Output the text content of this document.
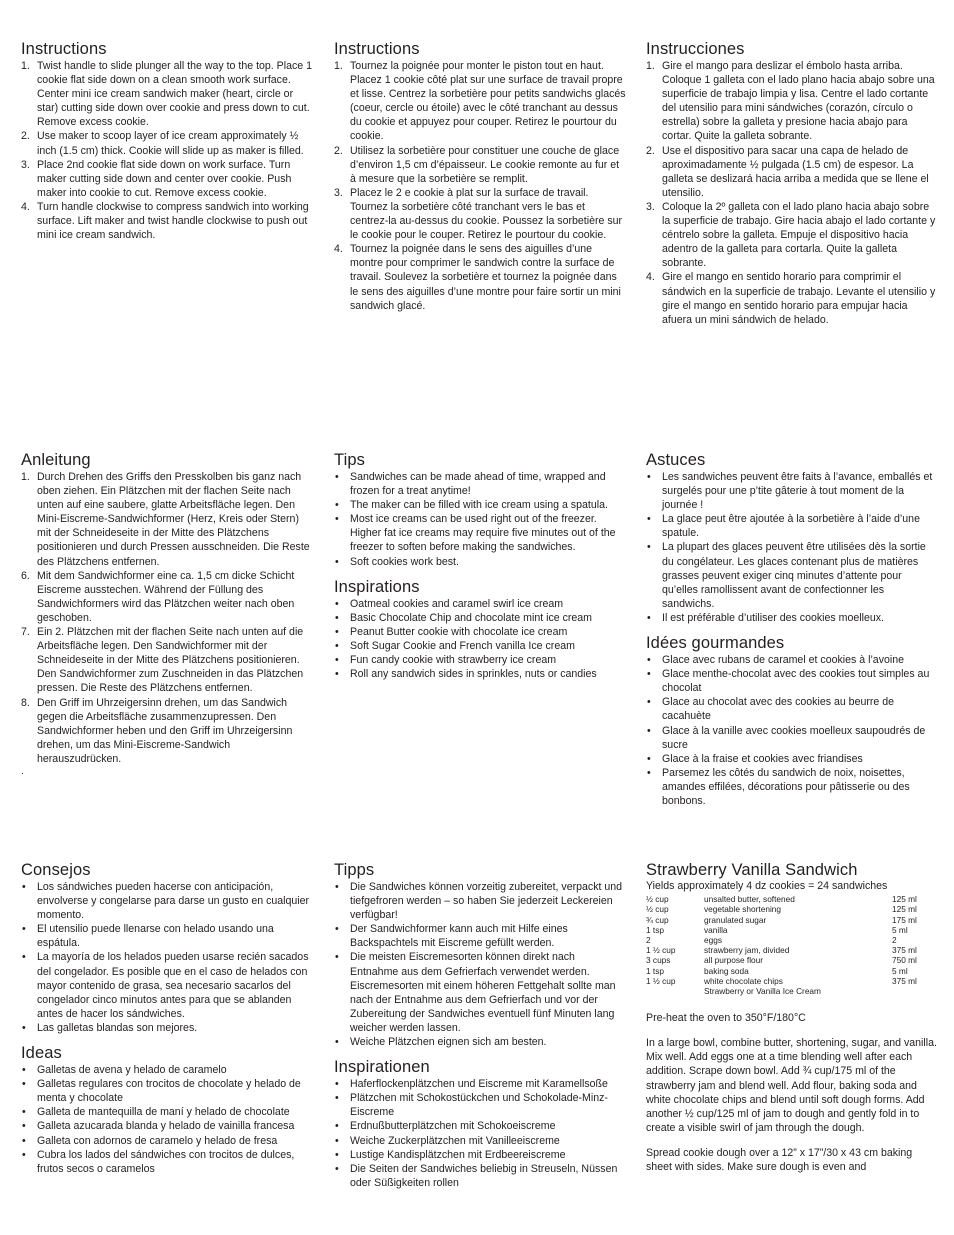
Instructions
1. Twist handle to slide plunger all the way to the top. Place 1 cookie flat side down on a clean smooth work surface. Center mini ice cream sandwich maker (heart, circle or star) cutting side down over cookie and press down to cut. Remove excess cookie.
2. Use maker to scoop layer of ice cream approximately ½ inch (1.5 cm) thick. Cookie will slide up as maker is filled.
3. Place 2nd cookie flat side down on work surface. Turn maker cutting side down and center over cookie. Push maker into cookie to cut. Remove excess cookie.
4. Turn handle clockwise to compress sandwich into working surface. Lift maker and twist handle clockwise to push out mini ice cream sandwich.
Instructions
1. Tournez la poignée pour monter le piston tout en haut. Placez 1 cookie côté plat sur une surface de travail propre et lisse. Centrez la sorbetière pour petits sandwichs glacés (coeur, cercle ou étoile) avec le côté tranchant au dessus du cookie et appuyez pour couper. Retirez le pourtour du cookie.
2. Utilisez la sorbetière pour constituer une couche de glace d’environ 1,5 cm d’épaisseur. Le cookie remonte au fur et à mesure que la sorbetière se remplit.
3. Placez le 2 e cookie à plat sur la surface de travail. Tournez la sorbetière côté tranchant vers le bas et centrez-la au-dessus du cookie. Poussez la sorbetière sur le cookie pour le couper. Retirez le pourtour du cookie.
4. Tournez la poignée dans le sens des aiguilles d’une montre pour comprimer le sandwich contre la surface de travail. Soulevez la sorbetière et tournez la poignée dans le sens des aiguilles d’une montre pour faire sortir un mini sandwich glacé.
Instrucciones
1. Gire el mango para deslizar el émbolo hasta arriba. Coloque 1 galleta con el lado plano hacia abajo sobre una superficie de trabajo limpia y lisa. Centre el lado cortante del utensilio para mini sándwiches (corazón, círculo o estrella) sobre la galleta y presione hacia abajo para cortar. Quite la galleta sobrante.
2. Use el dispositivo para sacar una capa de helado de aproximadamente ½ pulgada (1.5 cm) de espesor. La galleta se deslizará hacia arriba a medida que se llene el utensilio.
3. Coloque la 2º galleta con el lado plano hacia abajo sobre la superficie de trabajo. Gire hacia abajo el lado cortante y céntrelo sobre la galleta. Empuje el dispositivo hacia adentro de la galleta para cortarla. Quite la galleta sobrante.
4. Gire el mango en sentido horario para comprimir el sándwich en la superficie de trabajo. Levante el utensilio y gire el mango en sentido horario para empujar hacia afuera un mini sándwich de helado.
Anleitung
1. Durch Drehen des Griffs den Presskolben bis ganz nach oben ziehen. Ein Plätzchen mit der flachen Seite nach unten auf eine saubere, glatte Arbeitsfläche legen. Den Mini-Eiscreme-Sandwichformer (Herz, Kreis oder Stern) mit der Schneideseite in der Mitte des Plätzchens positionieren und durch Pressen ausschneiden. Die Reste des Plätzchens entfernen.
6. Mit dem Sandwichformer eine ca. 1,5 cm dicke Schicht Eiscreme ausstechen. Während der Füllung des Sandwichformers wird das Plätzchen weiter nach oben geschoben.
7. Ein 2. Plätzchen mit der flachen Seite nach unten auf die Arbeitsfläche legen. Den Sandwichformer mit der Schneideseite in der Mitte des Plätzchens positionieren. Den Sandwichformer zum Zuschneiden in das Plätzchen pressen. Die Reste des Plätzchens entfernen.
8. Den Griff im Uhrzeigersinn drehen, um das Sandwich gegen die Arbeitsfläche zusammenzupressen. Den Sandwichformer heben und den Griff im Uhrzeigersinn drehen, um das Mini-Eiscreme-Sandwich herauszudrücken.
.
Tips
• Sandwiches can be made ahead of time, wrapped and frozen for a treat anytime!
• The maker can be filled with ice cream using a spatula.
• Most ice creams can be used right out of the freezer. Higher fat ice creams may require five minutes out of the freezer to soften before making the sandwiches.
• Soft cookies work best.
Inspirations
• Oatmeal cookies and caramel swirl ice cream
• Basic Chocolate Chip and chocolate mint ice cream
• Peanut Butter cookie with chocolate ice cream
• Soft Sugar Cookie and French vanilla Ice cream
• Fun candy cookie with strawberry ice cream
• Roll any sandwich sides in sprinkles, nuts or candies
Astuces
• Les sandwiches peuvent être faits à l’avance, emballés et surgelés pour une p’tite gâterie à tout moment de la journée !
• La glace peut être ajoutée à la sorbetière à l’aide d’une spatule.
• La plupart des glaces peuvent être utilisées dès la sortie du congélateur. Les glaces contenant plus de matières grasses peuvent exiger cinq minutes d’attente pour qu’elles ramollissent avant de confectionner les sandwichs.
• Il est préférable d’utiliser des cookies moelleux.
Idées gourmandes
• Glace avec rubans de caramel et cookies à l’avoine
• Glace menthe-chocolat avec des cookies tout simples au chocolat
• Glace au chocolat avec des cookies au beurre de cacahuète
• Glace à la vanille avec cookies moelleux saupoudrés de sucre
• Glace à la fraise et cookies avec friandises
• Parsemez les côtés du sandwich de noix, noisettes, amandes effilées, décorations pour pâtisserie ou des bonbons.
Consejos
• Los sándwiches pueden hacerse con anticipación, envolverse y congelarse para darse un gusto en cualquier momento.
• El utensilio puede llenarse con helado usando una espátula.
• La mayoría de los helados pueden usarse recién sacados del congelador. Es posible que en el caso de helados con mayor contenido de grasa, sea necesario sacarlos del congelador cinco minutos antes para que se ablanden antes de hacer los sándwiches.
• Las galletas blandas son mejores.
Ideas
• Galletas de avena y helado de caramelo
• Galletas regulares con trocitos de chocolate y helado de menta y chocolate
• Galleta de mantequilla de maní y helado de chocolate
• Galleta azucarada blanda y helado de vainilla francesa
• Galleta con adornos de caramelo y helado de fresa
• Cubra los lados del sándwiches con trocitos de dulces, frutos secos o caramelos
Tipps
• Die Sandwiches können vorzeitig zubereitet, verpackt und tiefgefroren werden – so haben Sie jederzeit Leckereien verfügbar!
• Der Sandwichformer kann auch mit Hilfe eines Backspachtels mit Eiscreme gefüllt werden.
• Die meisten Eiscremesorten können direkt nach Entnahme aus dem Gefrierfach verwendet werden. Eiscremesorten mit einem höheren Fettgehalt sollte man nach der Entnahme aus dem Gefrierfach und vor der Zubereitung der Sandwiches eventuell fünf Minuten lang weicher werden lassen.
• Weiche Plätzchen eignen sich am besten.
Inspirationen
• Haferflockenplätzchen und Eiscreme mit Karamellsoße
• Plätzchen mit Schokostückchen und Schokolade-Minz-Eiscreme
• Erdnußbutterplätzchen mit Schokoeiscreme
• Weiche Zuckerplätzchen mit Vanilleeiscreme
• Lustige Kandisplätzchen mit Erdbeereiscreme
• Die Seiten der Sandwiches beliebig in Streuseln, Nüssen oder Süßigkeiten rollen
Strawberry Vanilla Sandwich
Yields approximately 4 dz cookies = 24 sandwiches
½ cup	unsalted butter, softened	125 ml
½ cup	vegetable shortening	125 ml
¾ cup	granulated sugar	175 ml
1 tsp	vanilla	5 ml
2	eggs	2
1 ½ cup	strawberry jam, divided	375 ml
3 cups	all purpose flour	750 ml
1 tsp	baking soda	5 ml
1 ½ cup	white chocolate chips	375 ml
	Strawberry or Vanilla Ice Cream	

Pre-heat the oven to 350°F/180°C

In a large bowl, combine butter, shortening, sugar, and vanilla. Mix well. Add eggs one at a time blending well after each addition. Scrape down bowl. Add ¾ cup/175 ml of the strawberry jam and blend well. Add flour, baking soda and white chocolate chips and blend until soft dough forms. Add another ½ cup/125 ml of jam to dough and gently fold in to create a visible swirl of jam through the dough.

Spread cookie dough over a 12” x 17”/30 x 43 cm baking sheet with sides. Make sure dough is even and
